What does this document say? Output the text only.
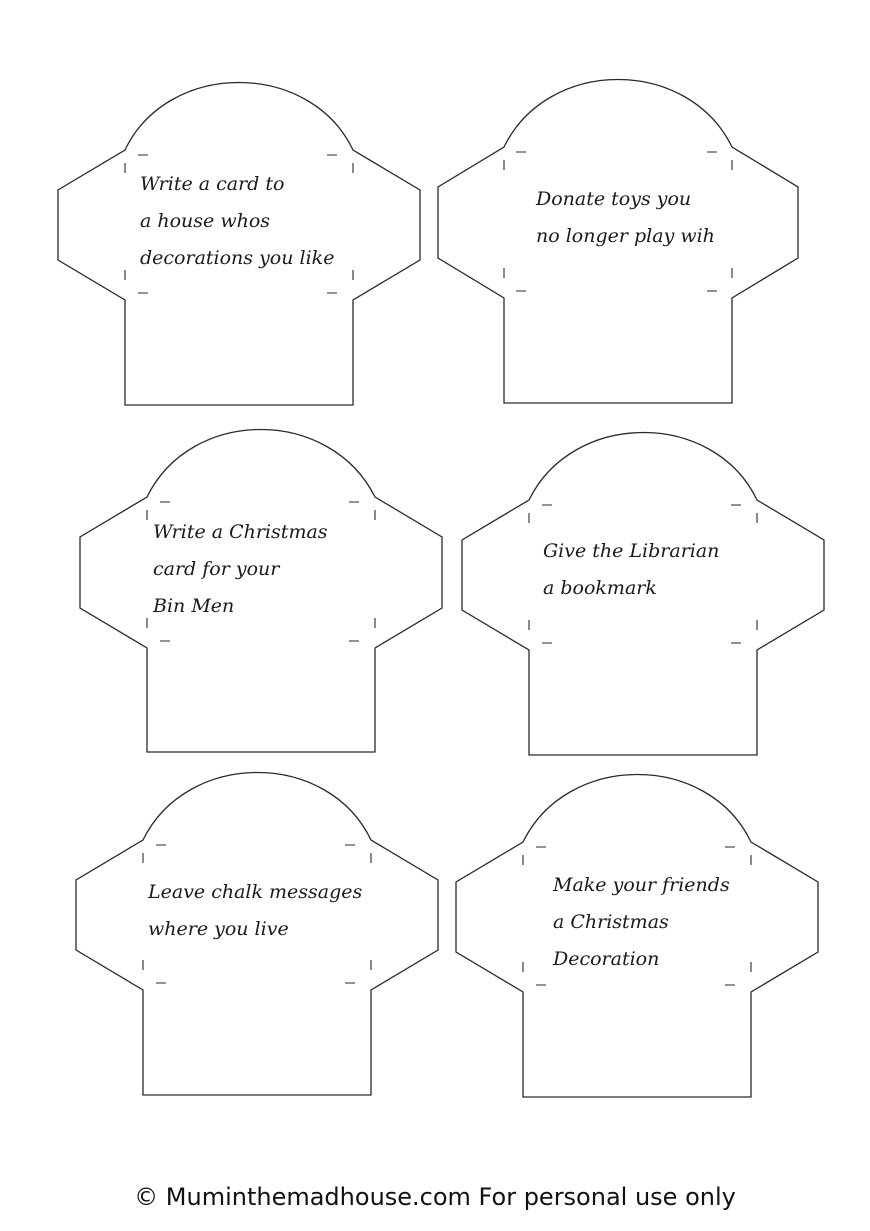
Write a card to
a house whos
decorations you like
Donate toys you
no longer play wih
Write a Christmas
card for your
Bin Men
Give the Librarian
a bookmark
Leave chalk messages
where you live
Make your friends
a Christmas
Decoration
© Muminthemadhouse.com For personal use only
